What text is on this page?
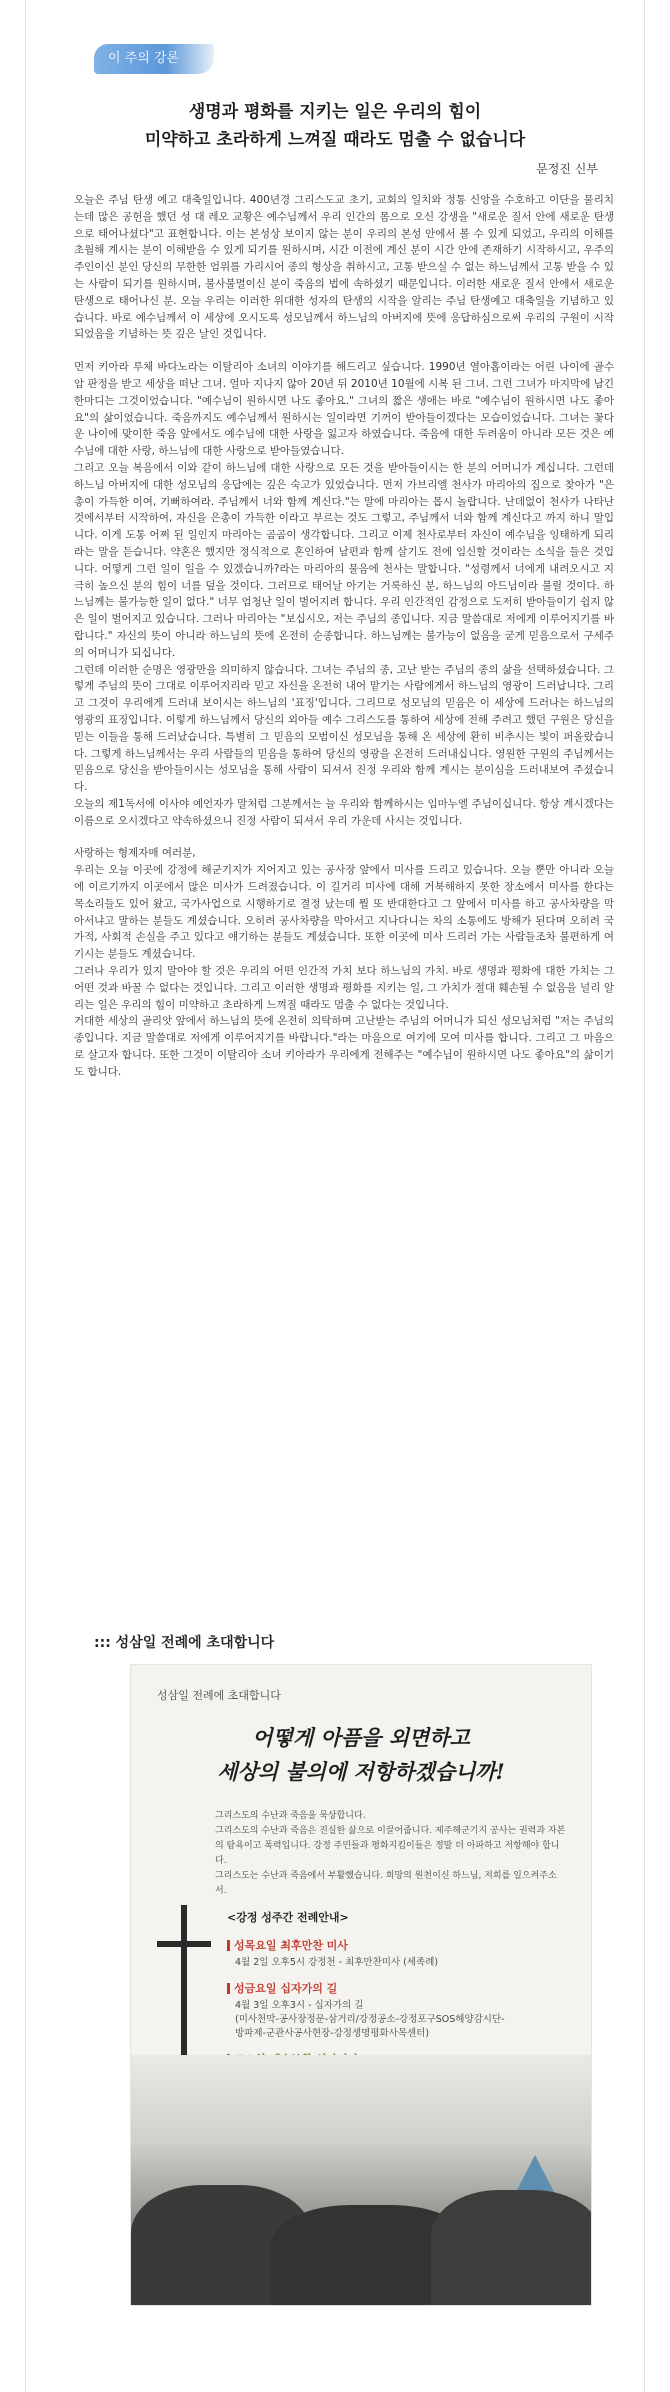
이 주의 강론
생명과 평화를 지키는 일은 우리의 힘이
미약하고 초라하게 느껴질 때라도 멈출 수 없습니다
문정진 신부

오늘은 주님 탄생 예고 대축일입니다. 400년경 그리스도교 초기, 교회의 일치와 정통 신앙을 수호하고 이단을 물리치는데 많은 공헌을 했던 성 대 레오 교황은 예수님께서 우리 인간의 몸으로 오신 강생을 "새로운 질서 안에 새로운 탄생으로 태어나셨다"고 표현합니다. 이는 본성상 보이지 않는 분이 우리의 본성 안에서 볼 수 있게 되었고, 우리의 이해를 초월해 계시는 분이 이해받을 수 있게 되기를 원하시며, 시간 이전에 계신 분이 시간 안에 존재하기 시작하시고, 우주의 주인이신 분인 당신의 무한한 엄위를 가리시어 종의 형상을 취하시고, 고통 받으실 수 없는 하느님께서 고통 받을 수 있는 사람이 되기를 원하시며, 불사불멸이신 분이 죽음의 법에 속하셨기 때문입니다. 이러한 새로운 질서 안에서 새로운 탄생으로 태어나신 분. 오늘 우리는 이러한 위대한 성자의 탄생의 시작을 알리는 주님 탄생예고 대축일을 기념하고 있습니다. 바로 예수님께서 이 세상에 오시도록 성모님께서 하느님의 아버지에 뜻에 응답하심으로써 우리의 구원이 시작되었음을 기념하는 뜻 깊은 날인 것입니다.

먼저 키아라 루체 바다노라는 이탈리아 소녀의 이야기를 해드리고 싶습니다. 1990년 열아홉이라는 어린 나이에 골수암 판정을 받고 세상을 떠난 그녀. 얼마 지나지 않아 20년 뒤 2010년 10월에 시복 된 그녀. 그런 그녀가 마지막에 남긴 한마디는 그것이었습니다. "예수님이 원하시면 나도 좋아요." 그녀의 짧은 생애는 바로 "예수님이 원하시면 나도 좋아요"의 삶이었습니다. 죽음까지도 예수님께서 원하시는 일이라면 기꺼이 받아들이겠다는 모습이었습니다. 그녀는 꽃다운 나이에 맞이한 죽음 앞에서도 예수님에 대한 사랑을 잃고자 하였습니다. 죽음에 대한 두려움이 아니라 모든 것은 예수님에 대한 사랑, 하느님에 대한 사랑으로 받아들였습니다.

그리고 오늘 복음에서 이와 같이 하느님에 대한 사랑으로 모든 것을 받아들이시는 한 분의 어머니가 계십니다. 그런데 하느님 아버지에 대한 성모님의 응답에는 깊은 숙고가 있었습니다. 먼저 가브리엘 천사가 마리아의 집으로 찾아가 "은총이 가득한 이여, 기뻐하여라. 주님께서 너와 함께 계신다."는 말에 마리아는 몹시 놀랍니다. 난데없이 천사가 나타난 것에서부터 시작하여, 자신을 은총이 가득한 이라고 부르는 것도 그렇고, 주님께서 너와 함께 계신다고 까지 하니 말입니다. 이게 도통 어쩌 된 일인지 마리아는 곰곰이 생각합니다. 그리고 이제 천사로부터 자신이 예수님을 잉태하게 되리라는 말을 듣습니다. 약혼은 했지만 정식적으로 혼인하여 남편과 함께 살기도 전에 임신할 것이라는 소식을 들은 것입니다. 어떻게 그런 일이 일을 수 있겠습니까?라는 마리아의 물음에 천사는 말합니다. "성령께서 너에게 내려오시고 지극히 높으신 분의 힘이 너를 덮을 것이다. 그러므로 태어날 아기는 거룩하신 분, 하느님의 아드님이라 불릴 것이다. 하느님께는 불가능한 일이 없다." 너무 엄청난 일이 벌어지려 합니다. 우리 인간적인 감정으로 도저히 받아들이기 쉽지 않은 일이 벌어지고 있습니다. 그러나 마리아는 "보십시오, 저는 주님의 종입니다. 지금 말씀대로 저에게 이루어지기를 바랍니다." 자신의 뜻이 아니라 하느님의 뜻에 온전히 순종합니다. 하느님께는 불가능이 없음을 굳게 믿음으로서 구세주의 어머니가 되십니다.

그런데 이러한 순명은 영광만을 의미하지 않습니다. 그녀는 주님의 종, 고난 받는 주님의 종의 삶을 선택하셨습니다. 그렇게 주님의 뜻이 그대로 이루어지리라 믿고 자신을 온전히 내어 맡기는 사람에게서 하느님의 영광이 드러납니다. 그리고 그것이 우리에게 드러내 보이시는 하느님의 '표징'입니다. 그리므로 성모님의 믿음은 이 세상에 드러나는 하느님의 영광의 표징입니다. 이렇게 하느님께서 당신의 외아들 예수 그리스도를 통하여 세상에 전해 주려고 했던 구원은 당신을 믿는 이들을 통해 드러났습니다. 특별히 그 믿음의 모범이신 성모님을 통해 온 세상에 환히 비추시는 빛이 퍼올랐습니다. 그렇게 하느님께서는 우리 사람들의 믿음을 통하여 당신의 영광을 온전히 드러내십니다. 영원한 구원의 주님께서는 믿음으로 당신을 받아들이시는 성모님을 통해 사람이 되셔서 진정 우리와 함께 계시는 분이심을 드러내보여 주셨습니다.

오늘의 제1독서에 이사야 예언자가 말처럼 그분께서는 늘 우리와 함께하시는 임마누엘 주님이십니다. 항상 계시겠다는 이름으로 오시겠다고 약속하셨으니 진정 사람이 되셔서 우리 가운데 사시는 것입니다.

사랑하는 형제자매 여러분,
우리는 오늘 이곳에 강정에 해군기지가 지어지고 있는 공사장 앞에서 미사를 드리고 있습니다. 오늘 뿐만 아니라 오늘에 이르기까지 이곳에서 많은 미사가 드려졌습니다. 이 길거리 미사에 대해 거북해하지 못한 장소에서 미사를 한다는 목소리들도 있어 왔고, 국가사업으로 시행하기로 결정 났는데 뭘 또 반대한다고 그 앞에서 미사를 하고 공사차량을 막아서냐고 말하는 분들도 계셨습니다. 오히려 공사차량을 막아서고 지나다니는 차의 소통에도 방해가 된다며 오히려 국가적, 사회적 손실을 주고 있다고 얘기하는 분들도 계셨습니다. 또한 이곳에 미사 드리러 가는 사람들조차 불편하게 여기시는 분들도 계셨습니다.

그러나 우리가 있지 말아야 할 것은 우리의 어떤 인간적 가치 보다 하느님의 가치. 바로 생명과 평화에 대한 가치는 그 어떤 것과 바꿀 수 없다는 것입니다. 그리고 이러한 생명과 평화를 지키는 일, 그 가치가 절대 훼손될 수 없음을 널리 알리는 일은 우리의 힘이 미약하고 초라하게 느껴질 때라도 멈출 수 없다는 것입니다.

거대한 세상의 골리앗 앞에서 하느님의 뜻에 온전히 의탁하며 고난받는 주님의 어머니가 되신 성모님처럼 "저는 주님의 종입니다. 지금 말씀대로 저에게 이루어지기를 바랍니다."라는 마음으로 여기에 모여 미사를 합니다. 그리고 그 마음으로 살고자 합니다. 또한 그것이 이탈리아 소녀 키아라가 우리에게 전해주는 "예수님이 원하시면 나도 좋아요"의 삶이기도 합니다.

::: 성삼일 전례에 초대합니다
성삼일 전례에 초대합니다
어떻게 아픔을 외면하고
세상의 불의에 저항하겠습니까!
그리스도의 수난과 죽음을 묵상합니다.
그리스도의 수난과 죽음은 진실한 삶으로 이끌어줍니다. 제주해군기지 공사는 권력과 자본의 탐욕이고 폭력입니다. 강정 주민들과 평화지킴이들은 정말 더 아파하고 저항해야 합니다.
그리스도는 수난과 죽음에서 부활했습니다. 희망의 원천이신 하느님, 저희를 일으켜주소서.
<강정 성주간 전례안내>
성목요일 최후만찬 미사
4월 2일 오후5시 강정천 - 최후만찬미사 (세족례)
성금요일 십자가의 길
4월 3일 오후3시 - 십자가의 길
(미사천막-공사장정문-삼거리/강정공소-강정포구SOS해양감시단-방파제-군관사공사현장-강정생명평화사목센터)
